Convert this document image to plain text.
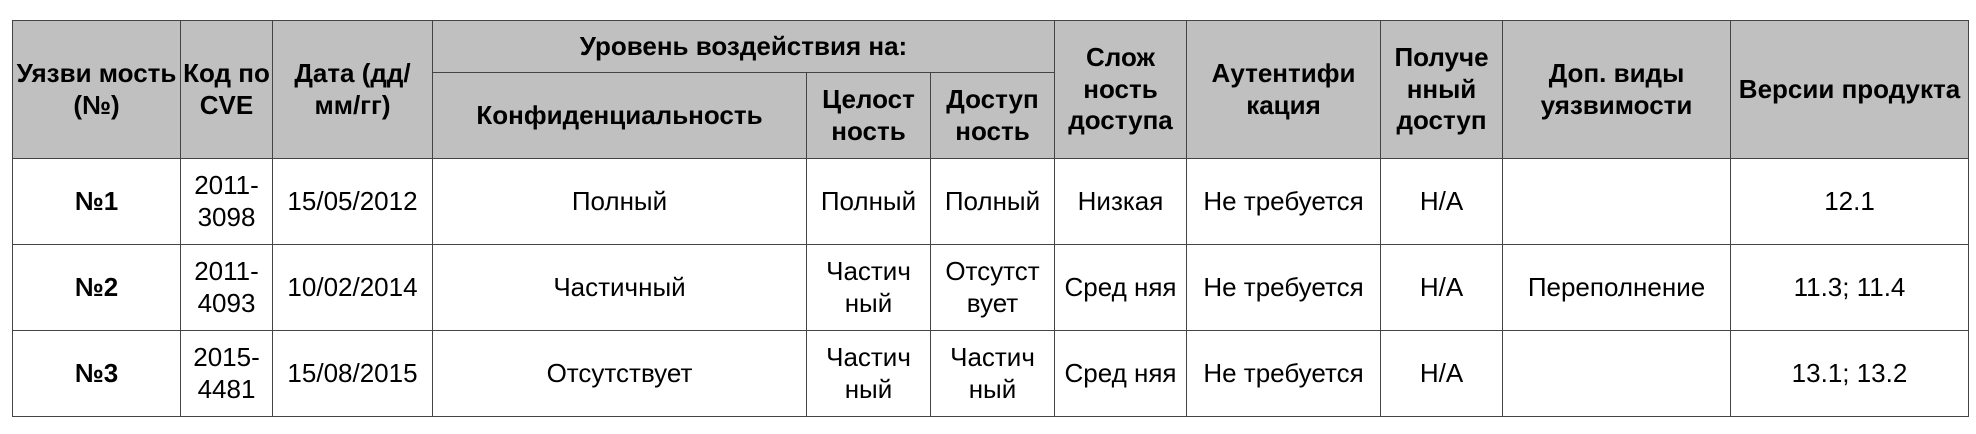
Уязви мость (№)	Код по CVE	Дата (дд/ мм/гг)	Уровень воздействия на:			Слож ность доступа	Аутентифи кация	Получе нный доступ	Доп. виды уязвимости	Версии продукта
			Конфиденциальность	Целост ность	Доступ ность					
№1	2011-3098	15/05/2012	Полный	Полный	Полный	Низкая	Не требуется	Н/А		12.1
№2	2011-4093	10/02/2014	Частичный	Частич ный	Отсутст вует	Сред няя	Не требуется	Н/А	Переполнение	11.3; 11.4
№3	2015-4481	15/08/2015	Отсутствует	Частич ный	Частич ный	Сред няя	Не требуется	Н/А		13.1; 13.2
